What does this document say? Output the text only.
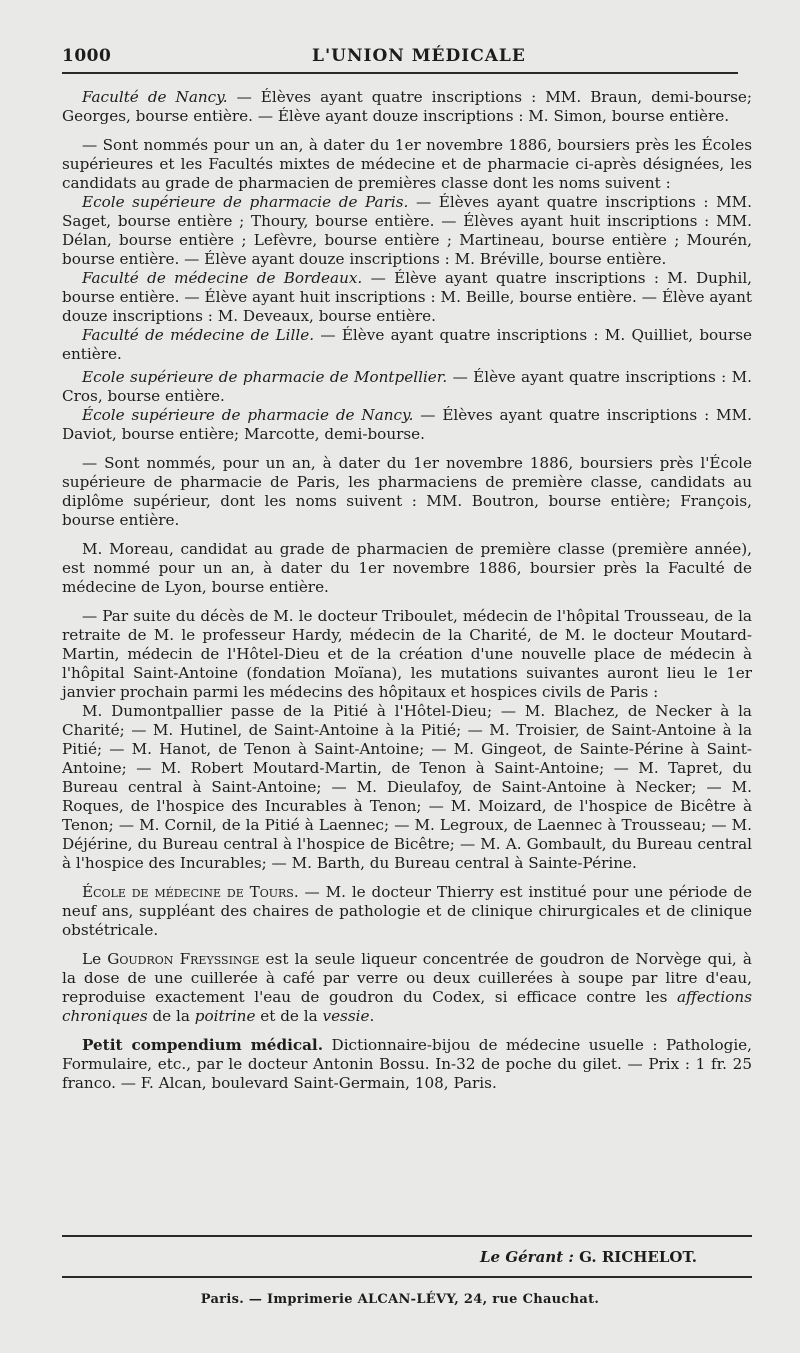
1000	L'UNION MÉDICALE

Faculté de Nancy. — Élèves ayant quatre inscriptions : MM. Braun, demi-bourse; Georges, bourse entière. — Élève ayant douze inscriptions : M. Simon, bourse entière.

— Sont nommés pour un an, à dater du 1er novembre 1886, boursiers près les Écoles supérieures et les Facultés mixtes de médecine et de pharmacie ci-après désignées, les candidats au grade de pharmacien de premières classe dont les noms suivent :

Ecole supérieure de pharmacie de Paris. — Élèves ayant quatre inscriptions : MM. Saget, bourse entière ; Thoury, bourse entière. — Élèves ayant huit inscriptions : MM. Délan, bourse entière ; Lefèvre, bourse entière ; Martineau, bourse entière ; Mourén, bourse entière. — Élève ayant douze inscriptions : M. Bréville, bourse entière.

Faculté de médecine de Bordeaux. — Élève ayant quatre inscriptions : M. Duphil, bourse entière. — Élève ayant huit inscriptions : M. Beille, bourse entière. — Élève ayant douze inscriptions : M. Deveaux, bourse entière.

Faculté de médecine de Lille. — Élève ayant quatre inscriptions : M. Quilliet, bourse entière.

Ecole supérieure de pharmacie de Montpellier. — Élève ayant quatre inscriptions : M. Cros, bourse entière.

École supérieure de pharmacie de Nancy. — Élèves ayant quatre inscriptions : MM. Daviot, bourse entière; Marcotte, demi-bourse.

— Sont nommés, pour un an, à dater du 1er novembre 1886, boursiers près l'École supérieure de pharmacie de Paris, les pharmaciens de première classe, candidats au diplôme supérieur, dont les noms suivent : MM. Boutron, bourse entière; François, bourse entière.

M. Moreau, candidat au grade de pharmacien de première classe (première année), est nommé pour un an, à dater du 1er novembre 1886, boursier près la Faculté de médecine de Lyon, bourse entière.

— Par suite du décès de M. le docteur Triboulet, médecin de l'hôpital Trousseau, de la retraite de M. le professeur Hardy, médecin de la Charité, de M. le docteur Moutard-Martin, médecin de l'Hôtel-Dieu et de la création d'une nouvelle place de médecin à l'hôpital Saint-Antoine (fondation Moïana), les mutations suivantes auront lieu le 1er janvier prochain parmi les médecins des hôpitaux et hospices civils de Paris :

M. Dumontpallier passe de la Pitié à l'Hôtel-Dieu; — M. Blachez, de Necker à la Charité; — M. Hutinel, de Saint-Antoine à la Pitié; — M. Troisier, de Saint-Antoine à la Pitié; — M. Hanot, de Tenon à Saint-Antoine; — M. Gingeot, de Sainte-Périne à Saint-Antoine; — M. Robert Moutard-Martin, de Tenon à Saint-Antoine; — M. Tapret, du Bureau central à Saint-Antoine; — M. Dieulafoy, de Saint-Antoine à Necker; — M. Roques, de l'hospice des Incurables à Tenon; — M. Moizard, de l'hospice de Bicêtre à Tenon; — M. Cornil, de la Pitié à Laennec; — M. Legroux, de Laennec à Trousseau; — M. Déjérine, du Bureau central à l'hospice de Bicêtre; — M. A. Gombault, du Bureau central à l'hospice des Incurables; — M. Barth, du Bureau central à Sainte-Périne.

École de médecine de Tours. — M. le docteur Thierry est institué pour une période de neuf ans, suppléant des chaires de pathologie et de clinique chirurgicales et de clinique obstétricale.

Le Goudron Freyssinge est la seule liqueur concentrée de goudron de Norvège qui, à la dose de une cuillerée à café par verre ou deux cuillerées à soupe par litre d'eau, reproduise exactement l'eau de goudron du Codex, si efficace contre les affections chroniques de la poitrine et de la vessie.

Petit compendium médical. Dictionnaire-bijou de médecine usuelle : Pathologie, Formulaire, etc., par le docteur Antonin Bossu. In-32 de poche du gilet. — Prix : 1 fr. 25 franco. — F. Alcan, boulevard Saint-Germain, 108, Paris.

Le Gérant : G. RICHELOT.
Paris. — Imprimerie ALCAN-LÉVY, 24, rue Chauchat.
